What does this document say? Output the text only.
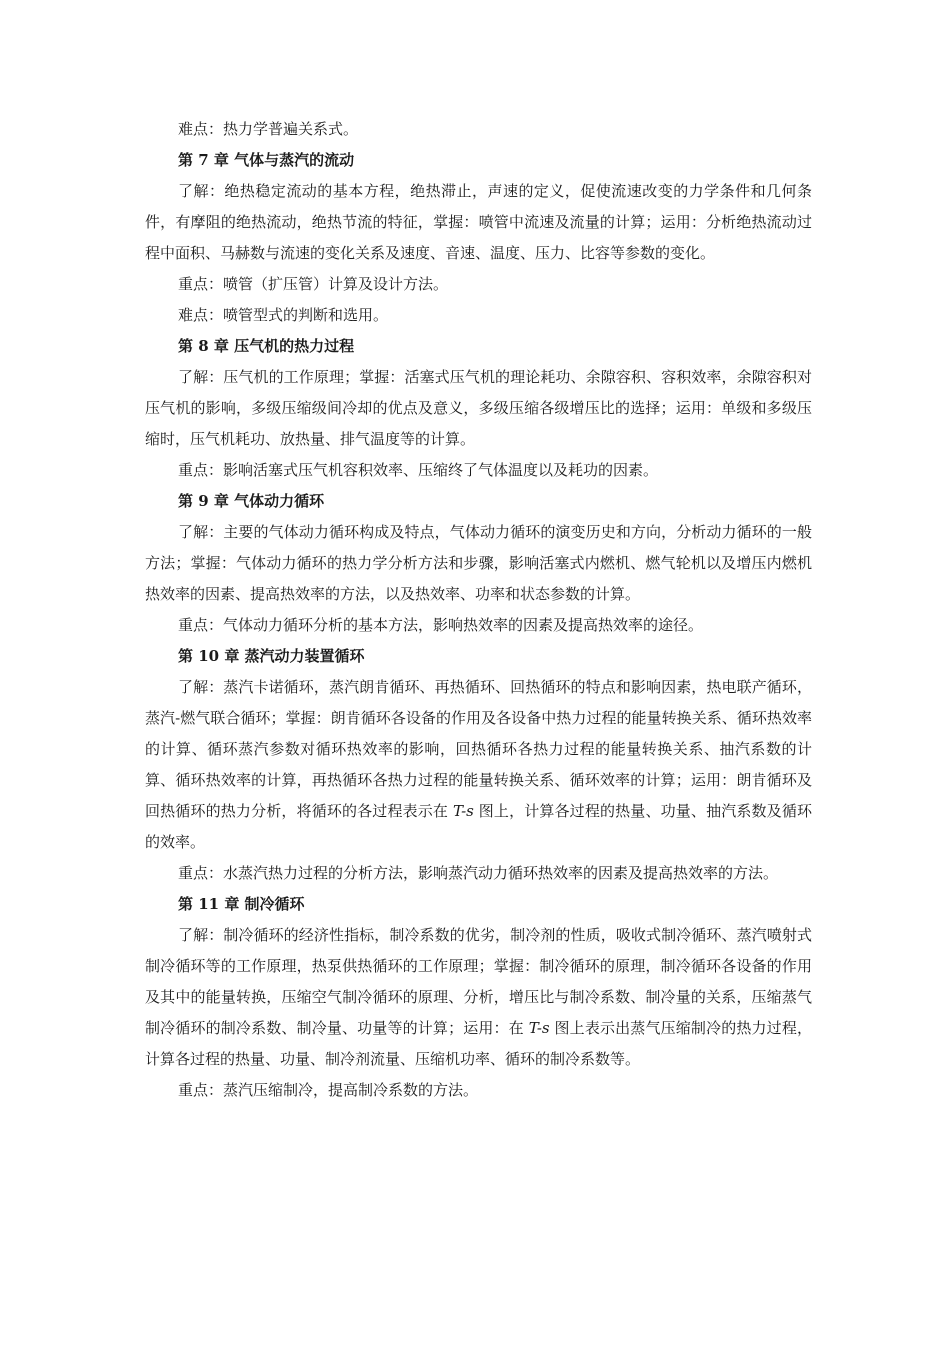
难点：热力学普遍关系式。

第 7 章 气体与蒸汽的流动

了解：绝热稳定流动的基本方程，绝热滞止，声速的定义，促使流速改变的力学条件和几何条件，有摩阻的绝热流动，绝热节流的特征，掌握：喷管中流速及流量的计算；运用：分析绝热流动过程中面积、马赫数与流速的变化关系及速度、音速、温度、压力、比容等参数的变化。

重点：喷管（扩压管）计算及设计方法。

难点：喷管型式的判断和选用。

第 8 章 压气机的热力过程

了解：压气机的工作原理；掌握：活塞式压气机的理论耗功、余隙容积、容积效率，余隙容积对压气机的影响，多级压缩级间冷却的优点及意义，多级压缩各级增压比的选择；运用：单级和多级压缩时，压气机耗功、放热量、排气温度等的计算。

重点：影响活塞式压气机容积效率、压缩终了气体温度以及耗功的因素。

第 9 章 气体动力循环

了解：主要的气体动力循环构成及特点，气体动力循环的演变历史和方向，分析动力循环的一般方法；掌握：气体动力循环的热力学分析方法和步骤，影响活塞式内燃机、燃气轮机以及增压内燃机热效率的因素、提高热效率的方法，以及热效率、功率和状态参数的计算。

重点：气体动力循环分析的基本方法，影响热效率的因素及提高热效率的途径。

第 10 章 蒸汽动力装置循环

了解：蒸汽卡诺循环，蒸汽朗肯循环、再热循环、回热循环的特点和影响因素，热电联产循环，蒸汽-燃气联合循环；掌握：朗肯循环各设备的作用及各设备中热力过程的能量转换关系、循环热效率的计算、循环蒸汽参数对循环热效率的影响，回热循环各热力过程的能量转换关系、抽汽系数的计算、循环热效率的计算，再热循环各热力过程的能量转换关系、循环效率的计算；运用：朗肯循环及回热循环的热力分析，将循环的各过程表示在 T-s 图上，计算各过程的热量、功量、抽汽系数及循环的效率。

重点：水蒸汽热力过程的分析方法，影响蒸汽动力循环热效率的因素及提高热效率的方法。

第 11 章 制冷循环

了解：制冷循环的经济性指标，制冷系数的优劣，制冷剂的性质，吸收式制冷循环、蒸汽喷射式制冷循环等的工作原理，热泵供热循环的工作原理；掌握：制冷循环的原理，制冷循环各设备的作用及其中的能量转换，压缩空气制冷循环的原理、分析，增压比与制冷系数、制冷量的关系，压缩蒸气制冷循环的制冷系数、制冷量、功量等的计算；运用：在 T-s 图上表示出蒸气压缩制冷的热力过程，计算各过程的热量、功量、制冷剂流量、压缩机功率、循环的制冷系数等。

重点：蒸汽压缩制冷，提高制冷系数的方法。
